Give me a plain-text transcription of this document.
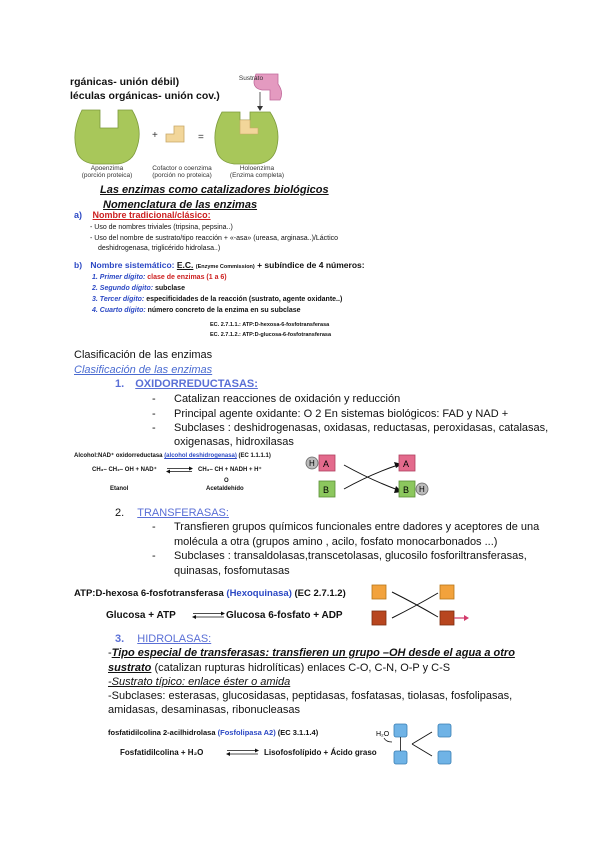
rgánicas- unión débil)
léculas orgánicas- unión cov.)
+	=
Sustrato
Apoenzima
(porción proteica)
Cofactor o coenzima
(porción no proteica)
Holoenzima
(Enzima completa)
Las enzimas como catalizadores biológicos
Nomenclatura de las enzimas
a) Nombre tradicional/clásico:
- Uso de nombres triviales (tripsina, pepsina..)
- Uso del nombre de sustrato/tipo reacción + «-asa» (ureasa, arginasa..)/Láctico
deshidrogenasa, triglicérido hidrolasa..)
b) Nombre sistemático: E.C. (Enzyme Commission) + subíndice de 4 números:
1. Primer dígito: clase de enzimas (1 a 6)
2. Segundo dígito: subclase
3. Tercer dígito: especificidades de la reacción (sustrato, agente oxidante..)
4. Cuarto dígito: número concreto de la enzima en su subclase
EC. 2.7.1.1.: ATP:D-hexosa-6-fosfotransferasa
EC. 2.7.1.2.: ATP:D-glucosa-6-fosfotransferasa
Clasificación de las enzimas
Clasificación de las enzimas
1. OXIDORREDUCTASAS:
- Catalizan reacciones de oxidación y reducción
- Principal agente oxidante: O 2 En sistemas biológicos: FAD y NAD +
- Subclases : deshidrogenasas, oxidasas, reductasas, peroxidasas, catalasas,
oxigenasas, hidroxilasas
Alcohol:NAD⁺ oxidorreductasa (alcohol deshidrogenasa) (EC 1.1.1.1)
CH₃– CH₂– OH + NAD⁺ ⇌ CH₃– CH + NADH + H⁺
O
Etanol	Acetaldehído
H A
B
A
B H
2. TRANSFERASAS:
- Transfieren grupos químicos funcionales entre dadores y aceptores de una
molécula a otra (grupos amino , acilo, fosfato monocarbonados ...)
- Subclases : transaldolasas,transcetolasas, glucosilo fosforiltransferasas,
quinasas, fosfomutasas
ATP:D-hexosa 6-fosfotransferasa (Hexoquinasa) (EC 2.7.1.2)
Glucosa + ATP ⇌ Glucosa 6-fosfato + ADP
3. HIDROLASAS:
-Tipo especial de transferasas: transfieren un grupo –OH desde el agua a otro
sustrato (catalizan rupturas hidrolíticas) enlaces C-O, C-N, O-P y C-S
-Sustrato típico: enlace éster o amida
-Subclases: esterasas, glucosidasas, peptidasas, fosfatasas, tiolasas, fosfolipasas,
amidasas, desaminasas, ribonucleasas
fosfatidilcolina 2-acilhidrolasa (Fosfolipasa A2) (EC 3.1.1.4)
Fosfatidilcolina + H₂O ⇌ Lisofosfolípido + Ácido graso
H₂O
